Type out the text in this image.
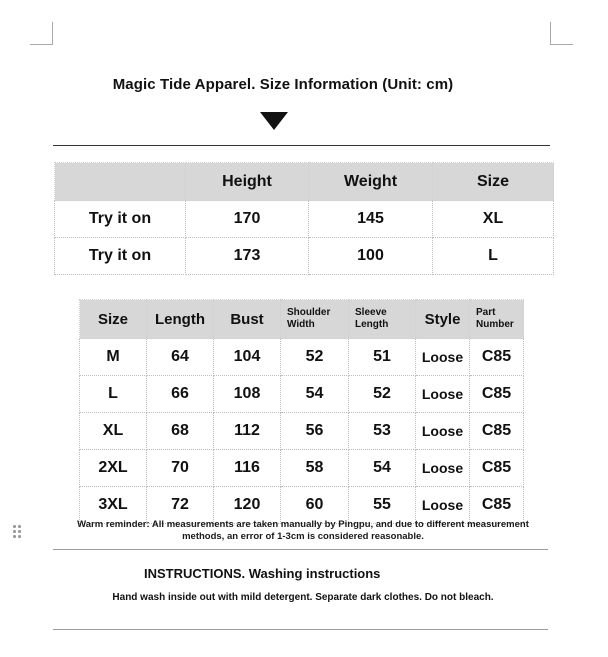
Magic Tide Apparel. Size Information (Unit: cm)
	Height	Weight	Size
Try it on	170	145	XL
Try it on	173	100	L
Size	Length	Bust	Shoulder Width	Sleeve Length	Style	Part Number
M	64	104	52	51	Loose	C85
L	66	108	54	52	Loose	C85
XL	68	112	56	53	Loose	C85
2XL	70	116	58	54	Loose	C85
3XL	72	120	60	55	Loose	C85
Warm reminder: All measurements are taken manually by Pingpu, and due to different measurement
methods, an error of 1-3cm is considered reasonable.
INSTRUCTIONS. Washing instructions
Hand wash inside out with mild detergent. Separate dark clothes. Do not bleach.
